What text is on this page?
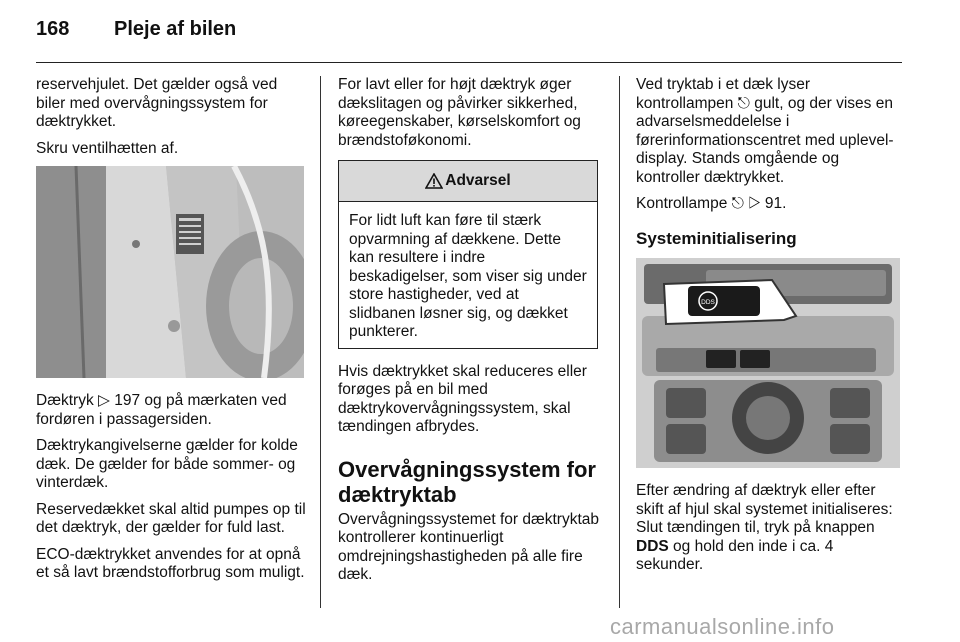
168	Pleje af bilen

reservehjulet. Det gælder også ved biler med overvågningssystem for dæktrykket.

Skru ventilhætten af.

Dæktryk ▷ 197 og på mærkaten ved fordøren i passagersiden.

Dæktrykangivelserne gælder for kolde dæk. De gælder for både sommer- og vinterdæk.

Reservedækket skal altid pumpes op til det dæktryk, der gælder for fuld last.

ECO-dæktrykket anvendes for at opnå et så lavt brændstofforbrug som muligt.

For lavt eller for højt dæktryk øger dækslitagen og påvirker sikkerhed, køreegenskaber, kørselskomfort og brændstoføkonomi.

Advarsel
For lidt luft kan føre til stærk opvarmning af dækkene. Dette kan resultere i indre beskadigelser, som viser sig under store hastigheder, ved at slidbanen løsner sig, og dækket punkterer.

Hvis dæktrykket skal reduceres eller forøges på en bil med dæktrykovervågningssystem, skal tændingen afbrydes.

Overvågningssystem for dæktryktab

Overvågningssystemet for dæktryktab kontrollerer kontinuerligt omdrejningshastigheden på alle fire dæk.

Ved tryktab i et dæk lyser kontrollampen ⎋ gult, og der vises en advarselsmeddelelse i førerinformationscentret med uplevel-display. Stands omgående og kontroller dæktrykket.

Kontrollampe ⎋ ▷ 91.

Systeminitialisering
DDS

Efter ændring af dæktryk eller efter skift af hjul skal systemet initialiseres: Slut tændingen til, tryk på knappen DDS og hold den inde i ca. 4 sekunder.

carmanualsonline.info
